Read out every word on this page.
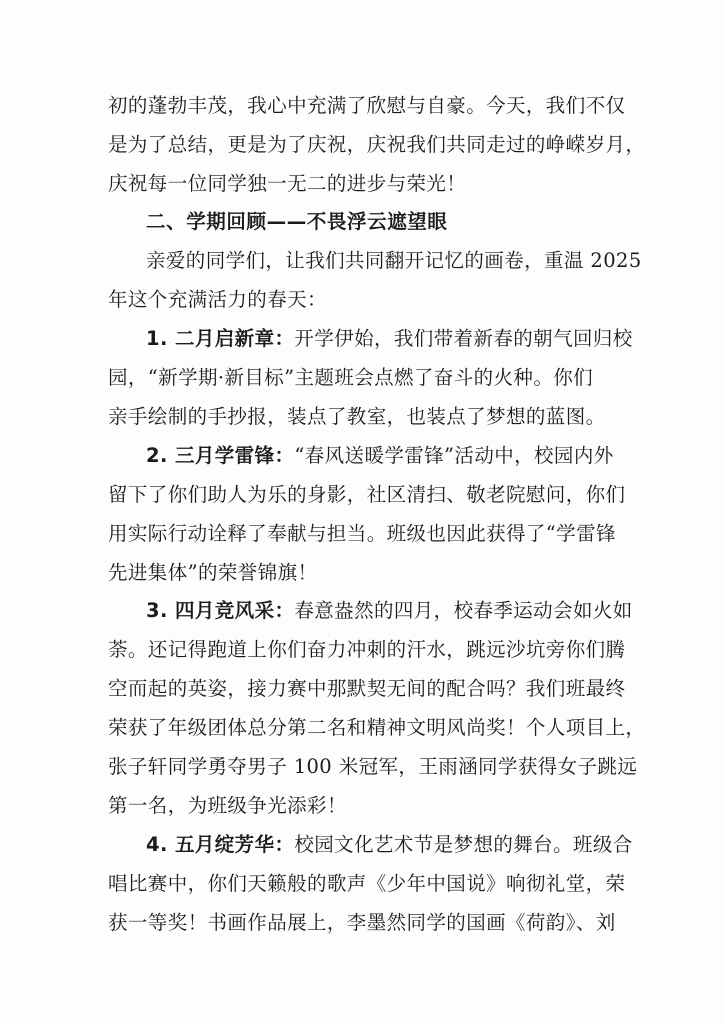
初的蓬勃丰茂，我心中充满了欣慰与自豪。今天，我们不仅
是为了总结，更是为了庆祝，庆祝我们共同走过的峥嵘岁月，
庆祝每一位同学独一无二的进步与荣光！
二、学期回顾——不畏浮云遮望眼
亲爱的同学们，让我们共同翻开记忆的画卷，重温 2025
年这个充满活力的春天：
1. 二月启新章：开学伊始，我们带着新春的朝气回归校
园，“新学期·新目标”主题班会点燃了奋斗的火种。你们
亲手绘制的手抄报，装点了教室，也装点了梦想的蓝图。
2. 三月学雷锋：“春风送暖学雷锋”活动中，校园内外
留下了你们助人为乐的身影，社区清扫、敬老院慰问，你们
用实际行动诠释了奉献与担当。班级也因此获得了“学雷锋
先进集体”的荣誉锦旗！
3. 四月竞风采：春意盎然的四月，校春季运动会如火如
荼。还记得跑道上你们奋力冲刺的汗水，跳远沙坑旁你们腾
空而起的英姿，接力赛中那默契无间的配合吗？我们班最终
荣获了年级团体总分第二名和精神文明风尚奖！个人项目上，
张子轩同学勇夺男子 100 米冠军，王雨涵同学获得女子跳远
第一名，为班级争光添彩！
4. 五月绽芳华：校园文化艺术节是梦想的舞台。班级合
唱比赛中，你们天籁般的歌声《少年中国说》响彻礼堂，荣
获一等奖！书画作品展上，李墨然同学的国画《荷韵》、刘
